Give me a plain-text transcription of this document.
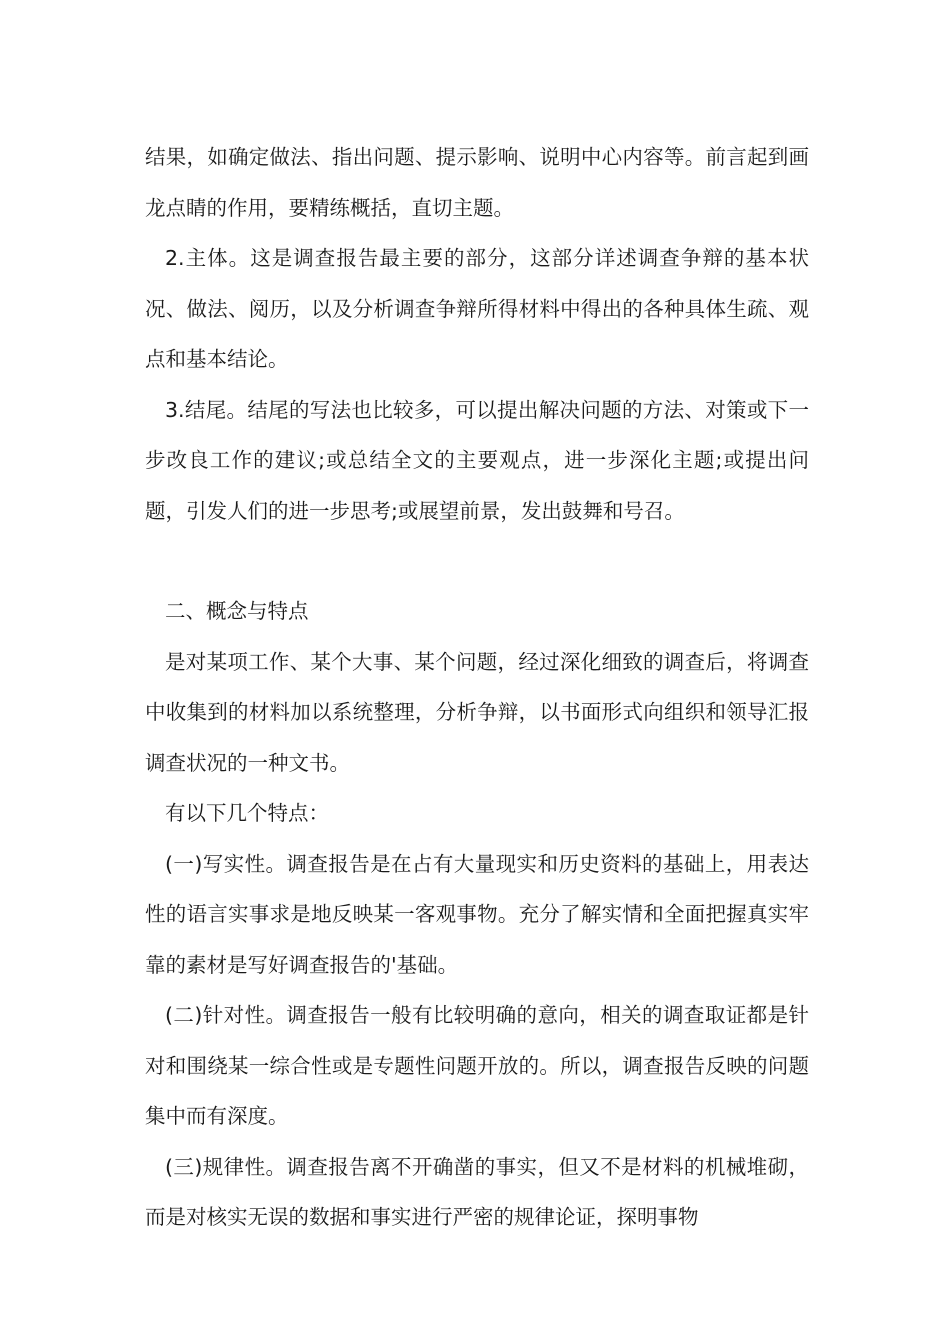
结果，如确定做法、指出问题、提示影响、说明中心内容等。前言起到画龙点睛的作用，要精练概括，直切主题。

2.主体。这是调查报告最主要的部分，这部分详述调查争辩的基本状况、做法、阅历，以及分析调查争辩所得材料中得出的各种具体生疏、观点和基本结论。

3.结尾。结尾的写法也比较多，可以提出解决问题的方法、对策或下一步改良工作的建议;或总结全文的主要观点，进一步深化主题;或提出问题，引发人们的进一步思考;或展望前景，发出鼓舞和号召。

二、概念与特点

是对某项工作、某个大事、某个问题，经过深化细致的调查后，将调查中收集到的材料加以系统整理，分析争辩，以书面形式向组织和领导汇报调查状况的一种文书。

有以下几个特点：

(一)写实性。调查报告是在占有大量现实和历史资料的基础上，用表达性的语言实事求是地反映某一客观事物。充分了解实情和全面把握真实牢靠的素材是写好调查报告的'基础。

(二)针对性。调查报告一般有比较明确的意向，相关的调查取证都是针对和围绕某一综合性或是专题性问题开放的。所以，调查报告反映的问题集中而有深度。

(三)规律性。调查报告离不开确凿的事实，但又不是材料的机械堆砌，而是对核实无误的数据和事实进行严密的规律论证，探明事物
